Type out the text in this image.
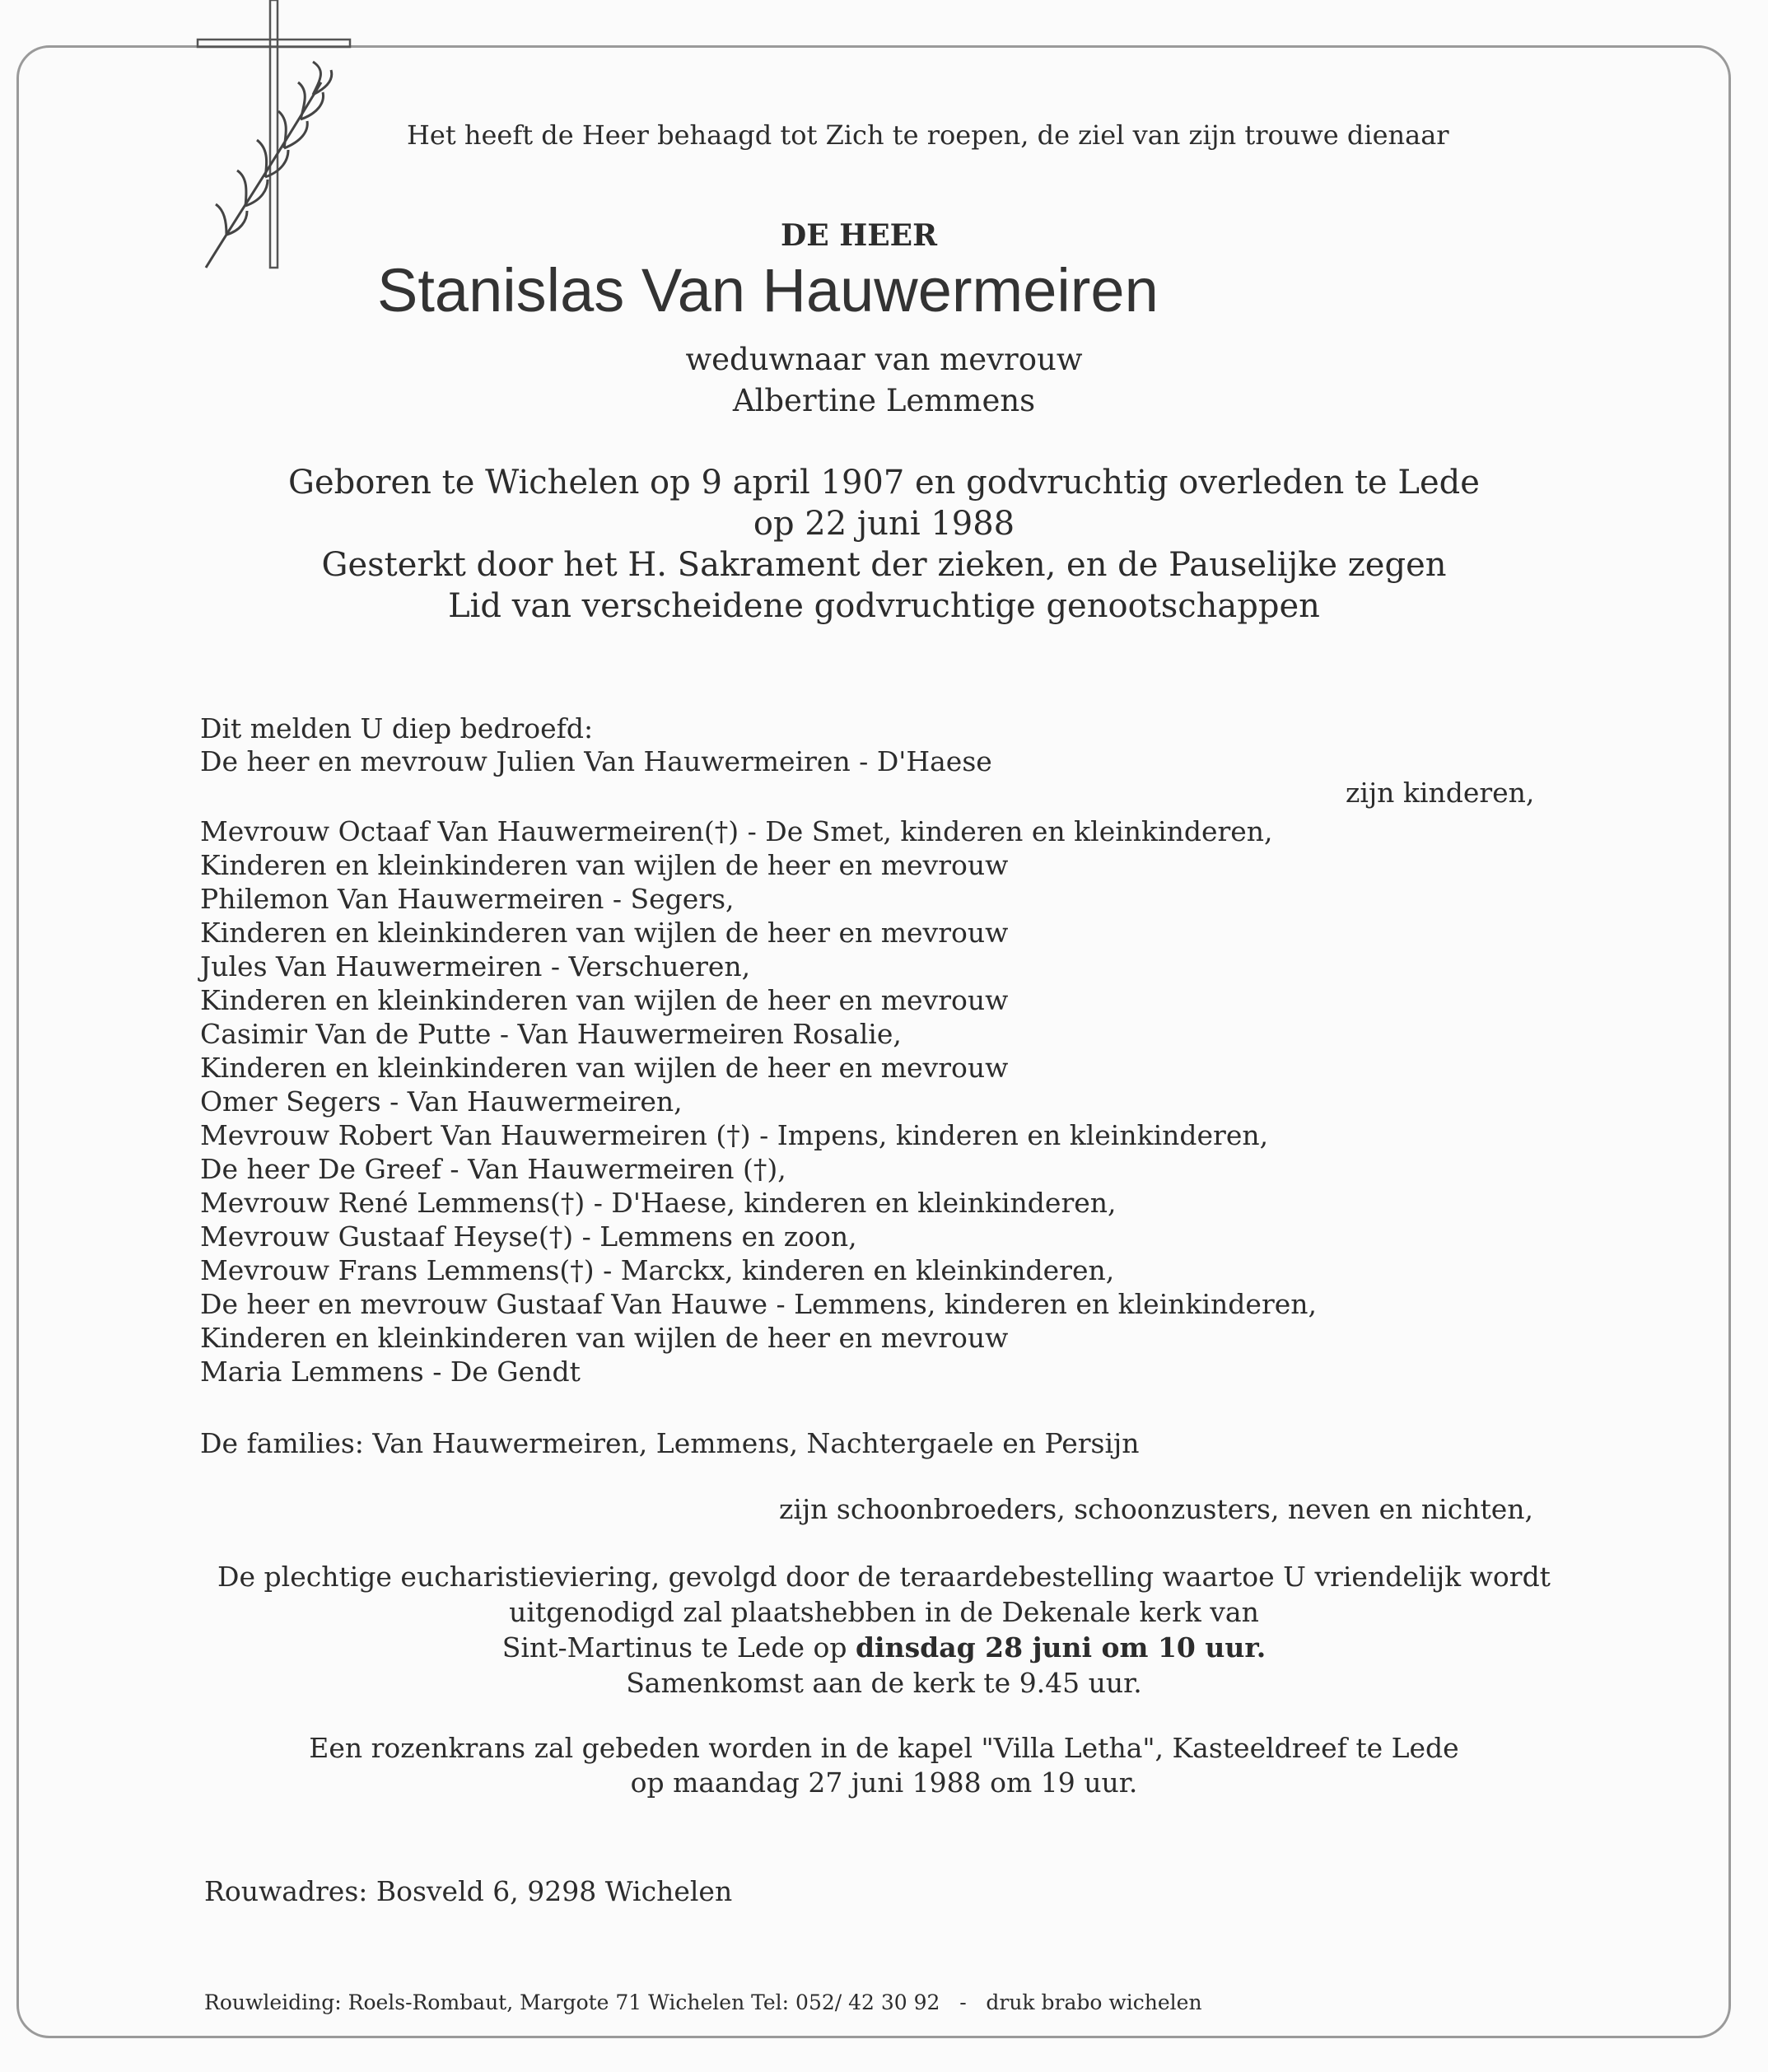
Het heeft de Heer behaagd tot Zich te roepen, de ziel van zijn trouwe dienaar
DE HEER
Stanislas Van Hauwermeiren
weduwnaar van mevrouw
Albertine Lemmens
Geboren te Wichelen op 9 april 1907 en godvruchtig overleden te Lede
op 22 juni 1988
Gesterkt door het H. Sakrament der zieken, en de Pauselijke zegen
Lid van verscheidene godvruchtige genootschappen
Dit melden U diep bedroefd:
De heer en mevrouw Julien Van Hauwermeiren - D'Haese
zijn kinderen,
Mevrouw Octaaf Van Hauwermeiren(†) - De Smet, kinderen en kleinkinderen,
Kinderen en kleinkinderen van wijlen de heer en mevrouw
Philemon Van Hauwermeiren - Segers,
Kinderen en kleinkinderen van wijlen de heer en mevrouw
Jules Van Hauwermeiren - Verschueren,
Kinderen en kleinkinderen van wijlen de heer en mevrouw
Casimir Van de Putte - Van Hauwermeiren Rosalie,
Kinderen en kleinkinderen van wijlen de heer en mevrouw
Omer Segers - Van Hauwermeiren,
Mevrouw Robert Van Hauwermeiren (†) - Impens, kinderen en kleinkinderen,
De heer De Greef - Van Hauwermeiren (†),
Mevrouw René Lemmens(†) - D'Haese, kinderen en kleinkinderen,
Mevrouw Gustaaf Heyse(†) - Lemmens en zoon,
Mevrouw Frans Lemmens(†) - Marckx, kinderen en kleinkinderen,
De heer en mevrouw Gustaaf Van Hauwe - Lemmens, kinderen en kleinkinderen,
Kinderen en kleinkinderen van wijlen de heer en mevrouw
Maria Lemmens - De Gendt
De families: Van Hauwermeiren, Lemmens, Nachtergaele en Persijn
zijn schoonbroeders, schoonzusters, neven en nichten,
De plechtige eucharistieviering, gevolgd door de teraardebestelling waartoe U vriendelijk wordt
uitgenodigd zal plaatshebben in de Dekenale kerk van
Sint-Martinus te Lede op dinsdag 28 juni om 10 uur.
Samenkomst aan de kerk te 9.45 uur.
Een rozenkrans zal gebeden worden in de kapel "Villa Letha", Kasteeldreef te Lede
op maandag 27 juni 1988 om 19 uur.
Rouwadres: Bosveld 6, 9298 Wichelen
Rouwleiding: Roels-Rombaut, Margote 71 Wichelen Tel: 052/ 42 30 92 - druk brabo wichelen
